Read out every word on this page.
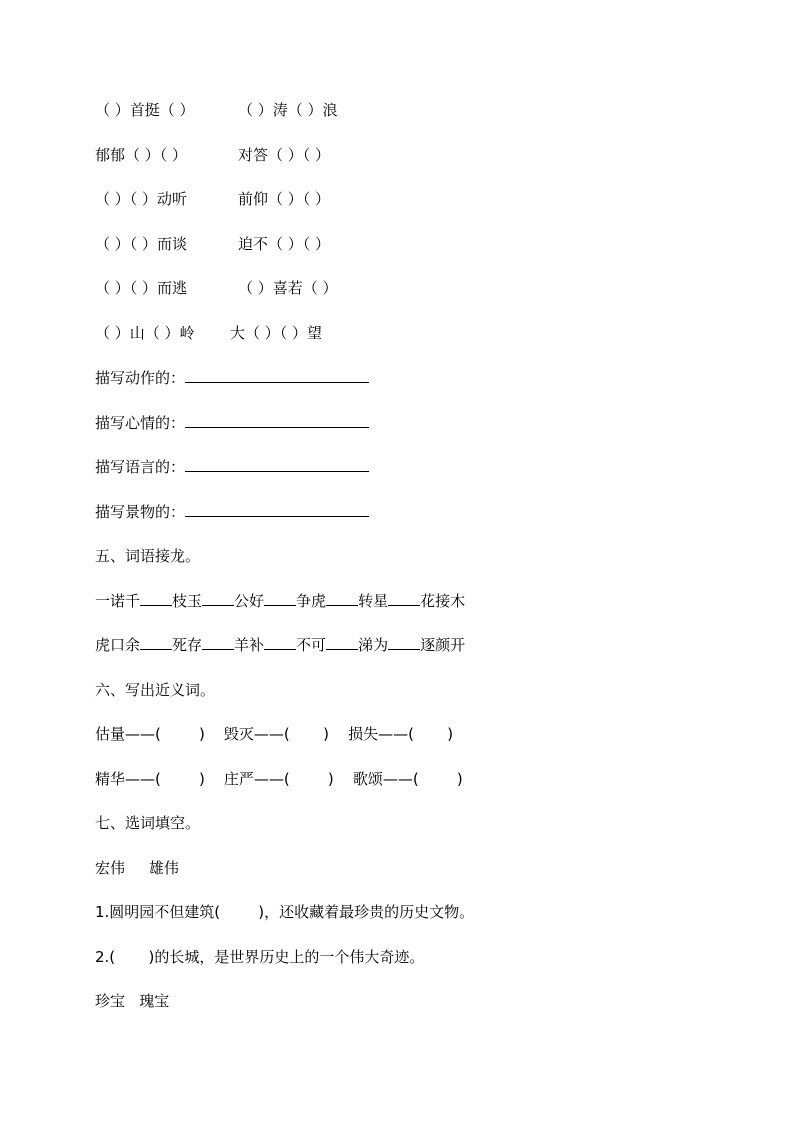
（ ）首挺（ ）	（ ）涛（ ）浪
郁郁（ ）（ ）	对答（ ）（ ）
（ ）（ ）动听	前仰（ ）（ ）
（ ）（ ）而谈	迫不（ ）（ ）
（ ）（ ）而逃	（ ）喜若（ ）
（ ）山（ ）岭 大（ ）（ ）望
描写动作的：
描写心情的：
描写语言的：
描写景物的：
五、词语接龙。
一诺千 枝玉 公好 争虎 转星 花接木
虎口余 死存 羊补 不可 涕为 逐颜开
六、写出近义词。
估量——(        )    毁灭——(       )    损失——(       )
精华——(        )    庄严——(        )    歌颂——(        )
七、选词填空。
宏伟     雄伟
1.圆明园不但建筑(        )，还收藏着最珍贵的历史文物。
2.(       )的长城，是世界历史上的一个伟大奇迹。
珍宝   瑰宝
